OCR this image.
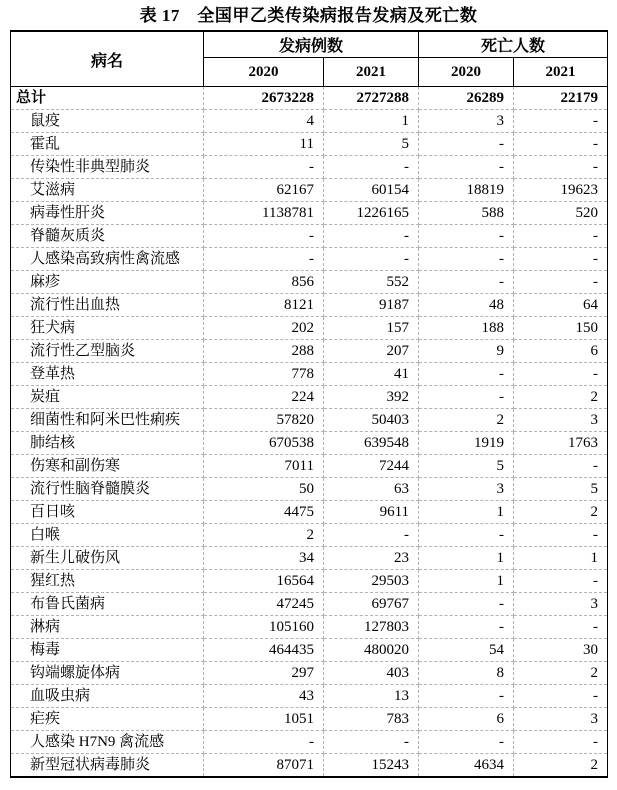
表 17　全国甲乙类传染病报告发病及死亡数
病名	发病例数		死亡人数	
	2020	2021	2020	2021
总计	2673228	2727288	26289	22179
鼠疫	4	1	3	-
霍乱	11	5	-	-
传染性非典型肺炎	-	-	-	-
艾滋病	62167	60154	18819	19623
病毒性肝炎	1138781	1226165	588	520
脊髓灰质炎	-	-	-	-
人感染高致病性禽流感	-	-	-	-
麻疹	856	552	-	-
流行性出血热	8121	9187	48	64
狂犬病	202	157	188	150
流行性乙型脑炎	288	207	9	6
登革热	778	41	-	-
炭疽	224	392	-	2
细菌性和阿米巴性痢疾	57820	50403	2	3
肺结核	670538	639548	1919	1763
伤寒和副伤寒	7011	7244	5	-
流行性脑脊髓膜炎	50	63	3	5
百日咳	4475	9611	1	2
白喉	2	-	-	-
新生儿破伤风	34	23	1	1
猩红热	16564	29503	1	-
布鲁氏菌病	47245	69767	-	3
淋病	105160	127803	-	-
梅毒	464435	480020	54	30
钩端螺旋体病	297	403	8	2
血吸虫病	43	13	-	-
疟疾	1051	783	6	3
人感染 H7N9 禽流感	-	-	-	-
新型冠状病毒肺炎	87071	15243	4634	2
